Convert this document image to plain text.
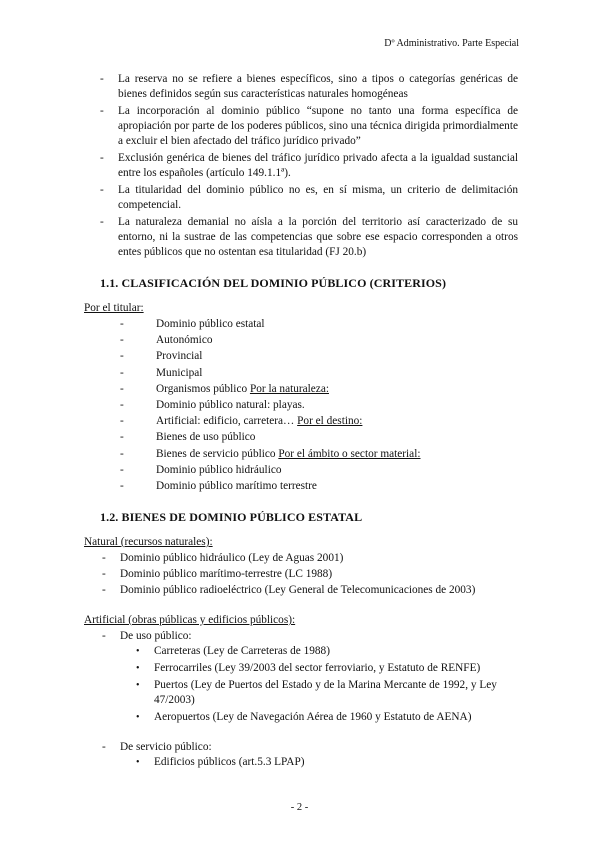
Dº Administrativo. Parte Especial
- La reserva no se refiere a bienes específicos, sino a tipos o categorías genéricas de bienes definidos según sus características naturales homogéneas
- La incorporación al dominio público “supone no tanto una forma específica de apropiación por parte de los poderes públicos, sino una técnica dirigida primordialmente a excluir el bien afectado del tráfico jurídico privado”
- Exclusión genérica de bienes del tráfico jurídico privado afecta a la igualdad sustancial entre los españoles (artículo 149.1.1ª).
- La titularidad del dominio público no es, en sí misma, un criterio de delimitación competencial.
- La naturaleza demanial no aísla a la porción del territorio así caracterizado de su entorno, ni la sustrae de las competencias que sobre ese espacio corresponden a otros entes públicos que no ostentan esa titularidad (FJ 20.b)
1.1. CLASIFICACIÓN DEL DOMINIO PÚBLICO (CRITERIOS)
Por el titular:
-	Dominio público estatal
-	Autonómico
-	Provincial
-	Municipal
-	Organismos público Por la naturaleza:
-	Dominio público natural: playas.
-	Artificial: edificio, carretera… Por el destino:
-	Bienes de uso público
-	Bienes de servicio público Por el ámbito o sector material:
-	Dominio público hidráulico
-	Dominio público marítimo terrestre
1.2. BIENES DE DOMINIO PÚBLICO ESTATAL
Natural (recursos naturales):
- Dominio público hidráulico (Ley de Aguas 2001)
- Dominio público marítimo-terrestre (LC 1988)
- Dominio público radioeléctrico (Ley General de Telecomunicaciones de 2003)
Artificial (obras públicas y edificios públicos):
- De uso público:
• Carreteras (Ley de Carreteras de 1988)
• Ferrocarriles (Ley 39/2003 del sector ferroviario, y Estatuto de RENFE)
• Puertos (Ley de Puertos del Estado y de la Marina Mercante de 1992, y Ley 47/2003)
• Aeropuertos (Ley de Navegación Aérea de 1960 y Estatuto de AENA)
- De servicio público:
• Edificios públicos (art.5.3 LPAP)
- 2 -
